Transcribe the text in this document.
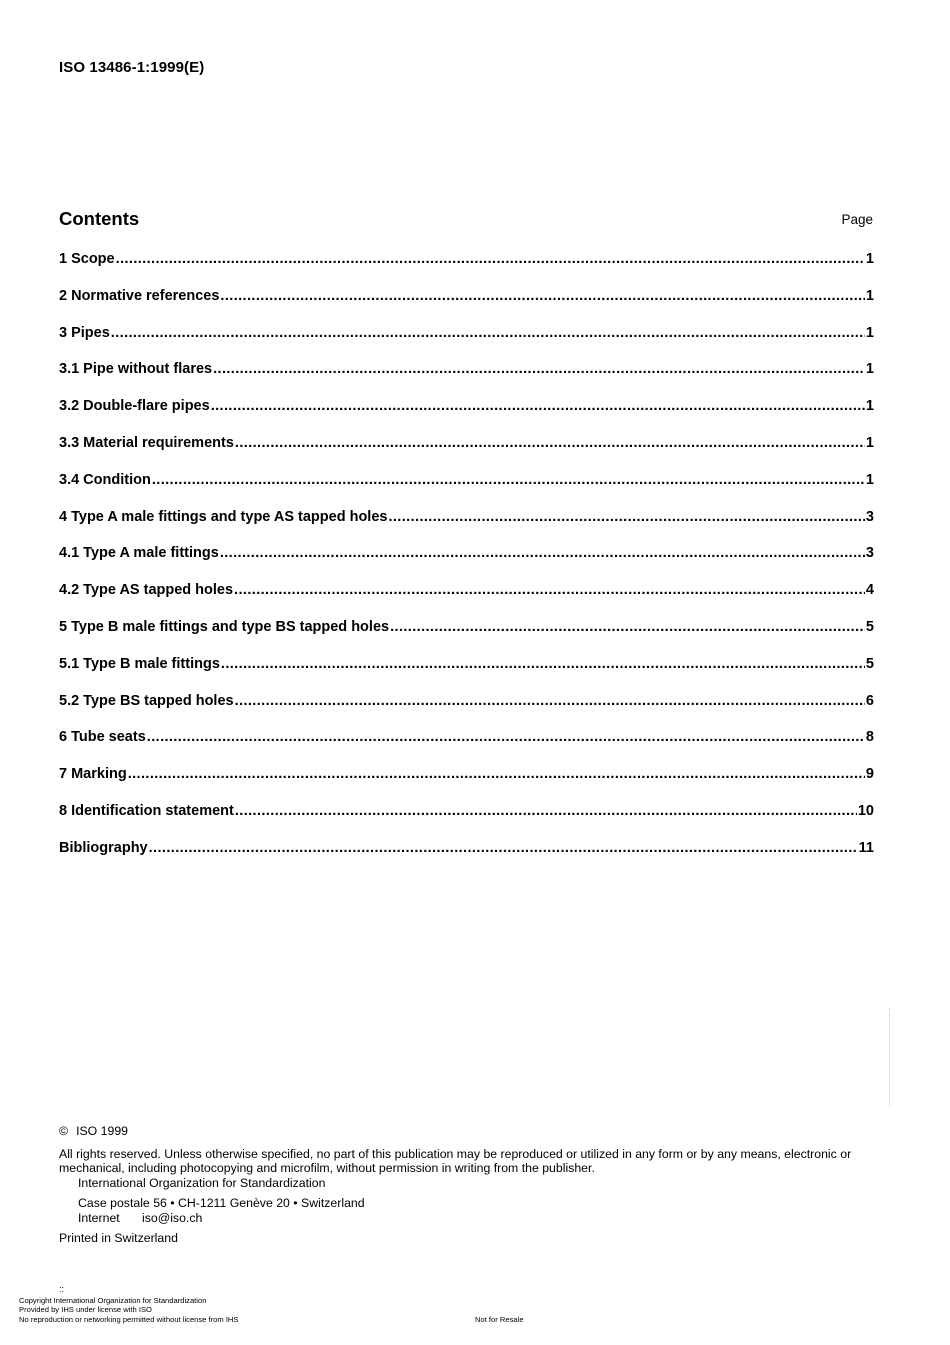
ISO 13486-1:1999(E)
Contents	Page
1 Scope .....	1
2 Normative references .....	1
3 Pipes .....	1
3.1 Pipe without flares .....	1
3.2 Double-flare pipes .....	1
3.3 Material requirements .....	1
3.4 Condition .....	1
4 Type A male fittings and type AS tapped holes .....	3
4.1 Type A male fittings .....	3
4.2 Type AS tapped holes .....	4
5 Type B male fittings and type BS tapped holes .....	5
5.1 Type B male fittings .....	5
5.2 Type BS tapped holes .....	6
6 Tube seats .....	8
7 Marking .....	9
8 Identification statement .....	10
Bibliography .....	11
© ISO 1999

All rights reserved. Unless otherwise specified, no part of this publication may be reproduced or utilized in any form or by any means, electronic or mechanical, including photocopying and microfilm, without permission in writing from the publisher.

International Organization for Standardization
Case postale 56 • CH-1211 Genève 20 • Switzerland
Internet iso@iso.ch
Printed in Switzerland
::
Copyright International Organization for Standardization
Provided by IHS under license with ISO
No reproduction or networking permitted without license from IHS	Not for Resale
